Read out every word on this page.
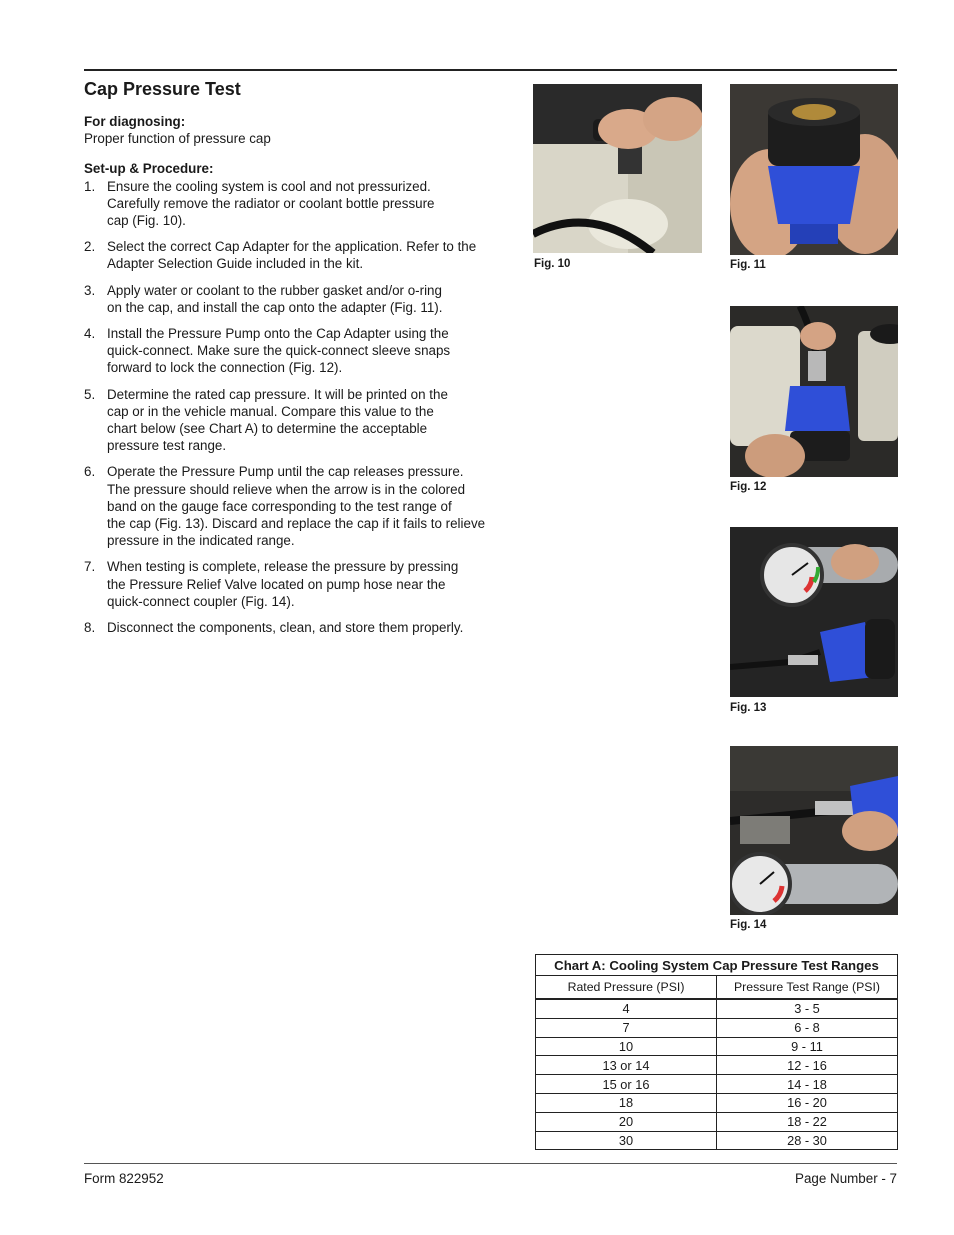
Cap Pressure Test
For diagnosing:
Proper function of pressure cap
Set-up & Procedure:
1. Ensure the cooling system is cool and not pressurized.
Carefully remove the radiator or coolant bottle pressure
cap (Fig. 10).
2. Select the correct Cap Adapter for the application. Refer to the
Adapter Selection Guide included in the kit.
3. Apply water or coolant to the rubber gasket and/or o-ring
on the cap, and install the cap onto the adapter (Fig. 11).
4. Install the Pressure Pump onto the Cap Adapter using the
quick-connect. Make sure the quick-connect sleeve snaps
forward to lock the connection (Fig. 12).
5. Determine the rated cap pressure. It will be printed on the
cap or in the vehicle manual. Compare this value to the
chart below (see Chart A) to determine the acceptable
pressure test range.
6. Operate the Pressure Pump until the cap releases pressure.
The pressure should relieve when the arrow is in the colored
band on the gauge face corresponding to the test range of
the cap (Fig. 13). Discard and replace the cap if it fails to relieve
pressure in the indicated range.
7. When testing is complete, release the pressure by pressing
the Pressure Relief Valve located on pump hose near the
quick-connect coupler (Fig. 14).
8. Disconnect the components, clean, and store them properly.
Fig. 10	Fig. 11
Fig. 12
Fig. 13
Fig. 14
Chart A: Cooling System Cap Pressure Test Ranges	
Rated Pressure (PSI)	Pressure Test Range (PSI)
4	3 - 5
7	6 - 8
10	9 - 11
13 or 14	12 - 16
15 or 16	14 - 18
18	16 - 20
20	18 - 22
30	28 - 30
Form 822952	Page Number - 7
